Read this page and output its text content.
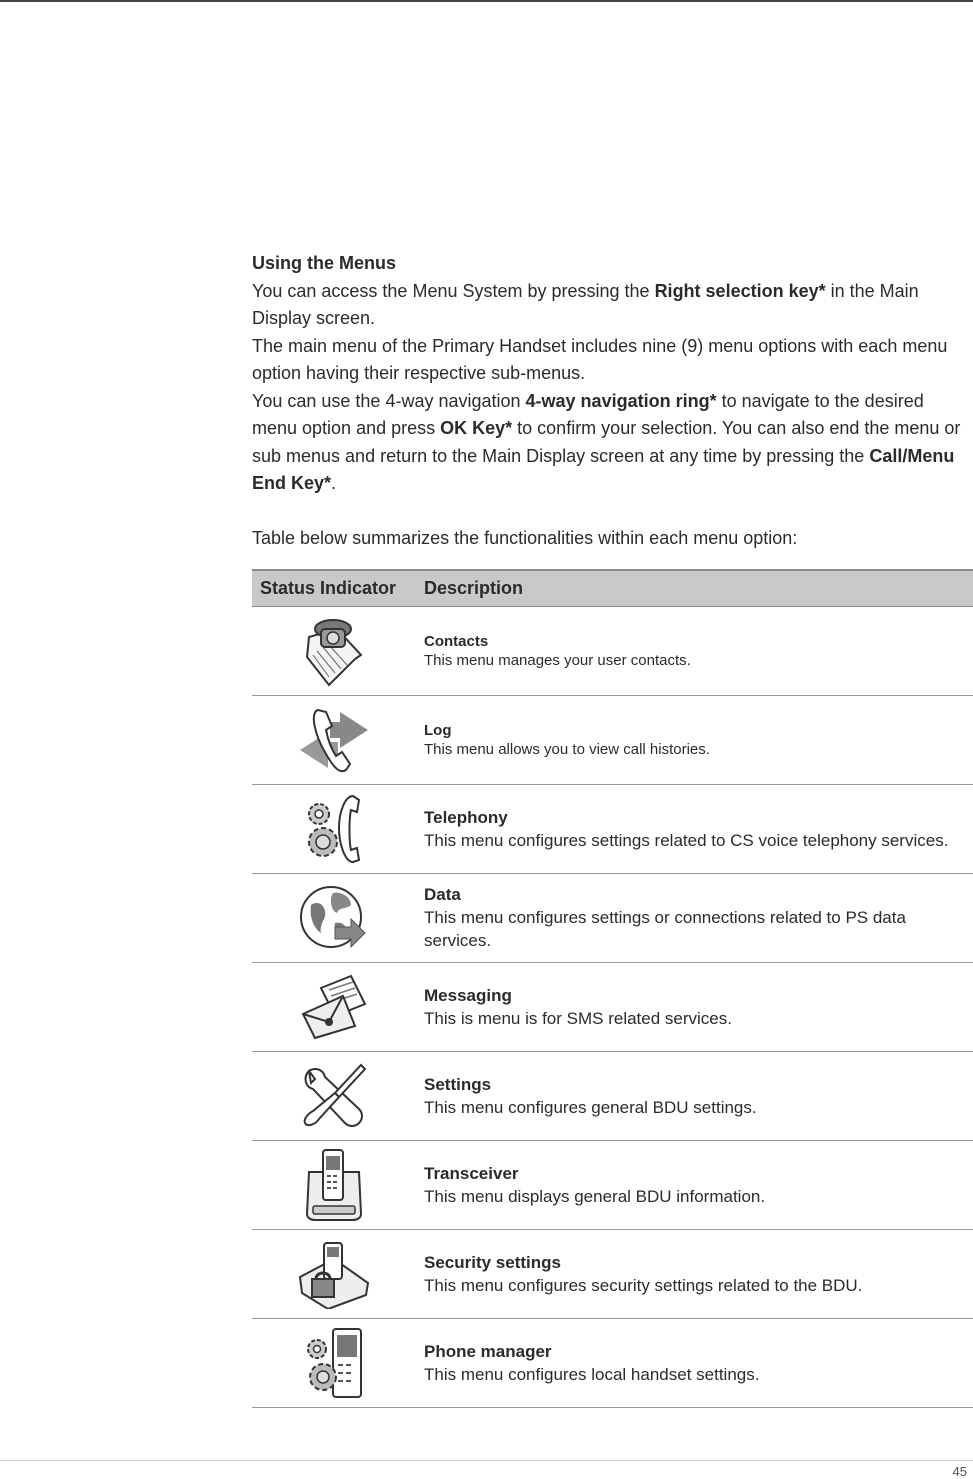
Using the Menus

You can access the Menu System by pressing the Right selection key* in the Main Display screen.

The main menu of the Primary Handset includes nine (9) menu options with each menu option having their respective sub-menus.

You can use the 4-way navigation 4-way navigation ring* to navigate to the desired menu option and press OK Key* to confirm your selection. You can also end the menu or sub menus and return to the Main Display screen at any time by pressing the Call/Menu End Key*.

Table below summarizes the functionalities within each menu option:

Status Indicator	Description

Contacts
This menu manages your user contacts.

Log
This menu allows you to view call histories.

Telephony
This menu configures settings related to CS voice telephony services.

Data
This menu configures settings or connections related to PS data services.

Messaging
This is menu is for SMS related services.

Settings
This menu configures general BDU settings.

Transceiver
This menu displays general BDU information.

Security settings
This menu configures security settings related to the BDU.

Phone manager
This menu configures local handset settings.
45
